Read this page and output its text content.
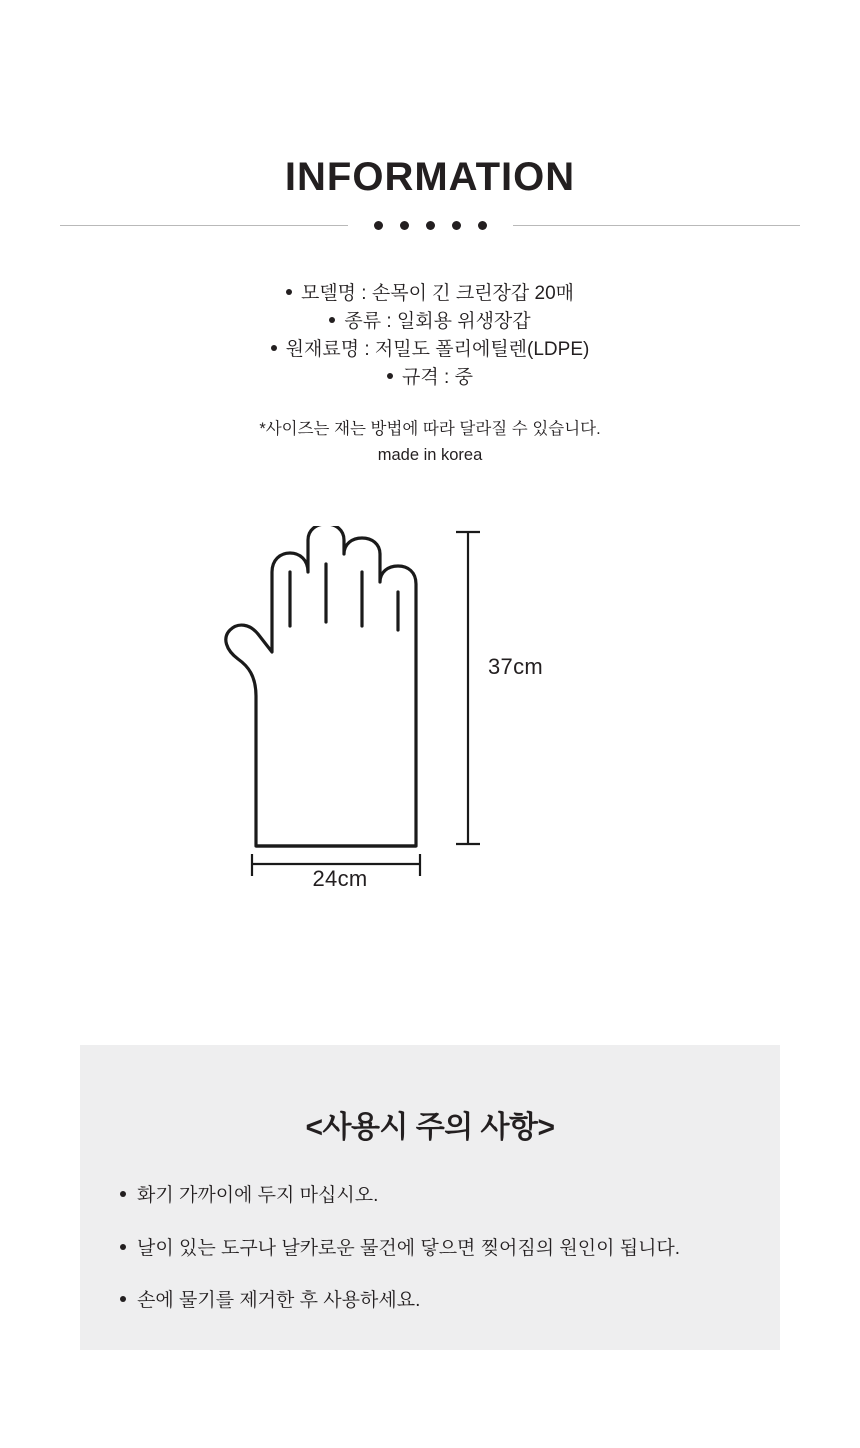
INFORMATION
모델명 : 손목이 긴 크린장갑 20매
종류 : 일회용 위생장갑
원재료명 : 저밀도 폴리에틸렌(LDPE)
규격 : 중
*사이즈는 재는 방법에 따라 달라질 수 있습니다.
made in korea
37cm
24cm
<사용시 주의 사항>
화기 가까이에 두지 마십시오.
날이 있는 도구나 날카로운 물건에 닿으면 찢어짐의 원인이 됩니다.
손에 물기를 제거한 후 사용하세요.
